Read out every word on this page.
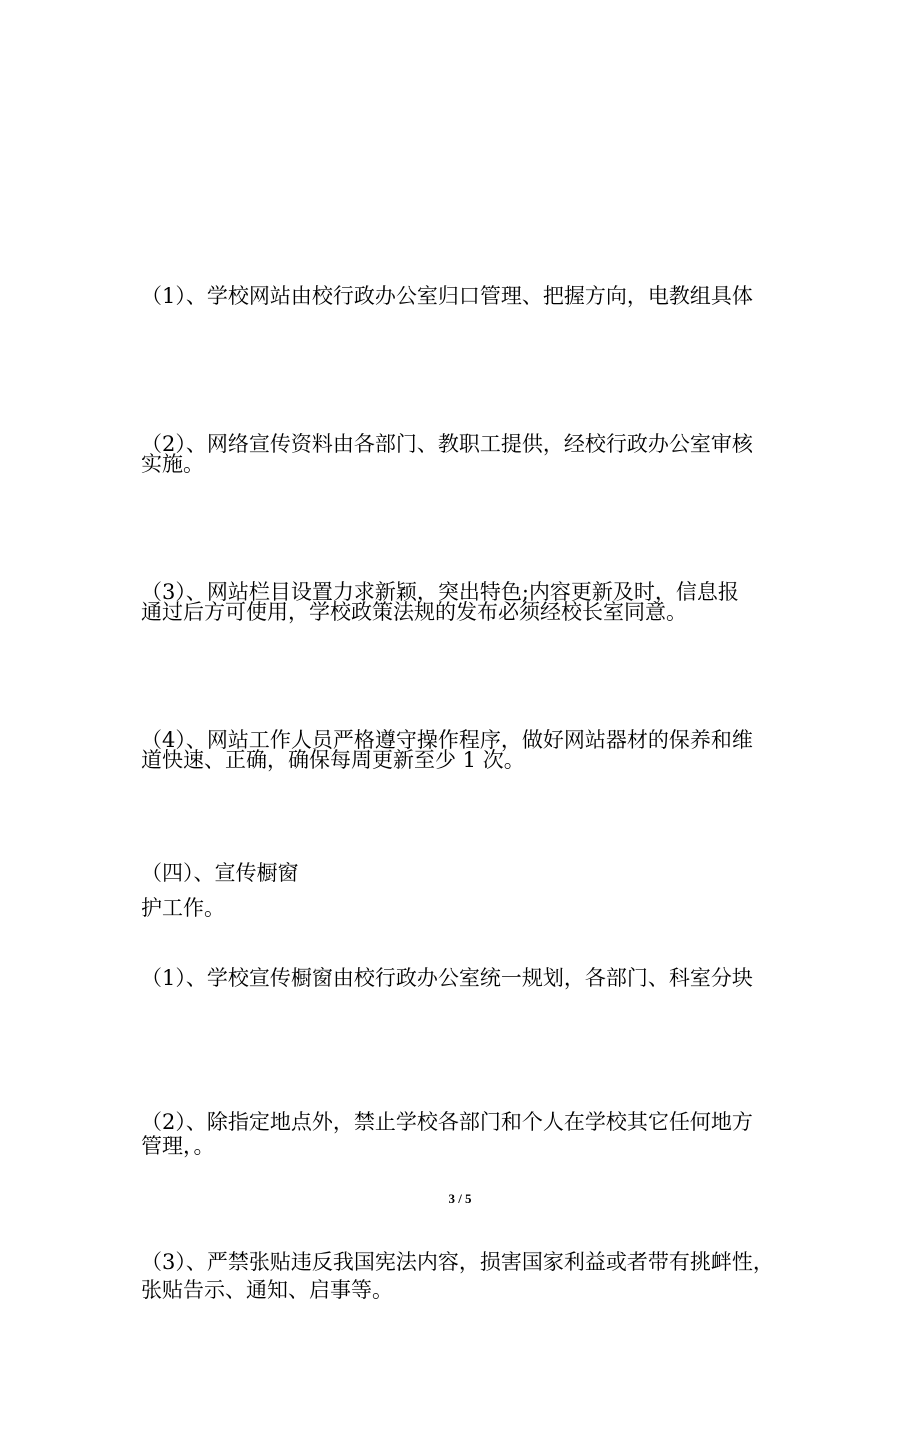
（1）、学校网站由校行政办公室归口管理、把握方向，电教组具体

实施。

（2）、网络宣传资料由各部门、教职工提供，经校行政办公室审核

通过后方可使用，学校政策法规的发布必须经校长室同意。

（3）、网站栏目设置力求新颖，突出特色;内容更新及时，信息报

道快速、正确，确保每周更新至少 1 次。

（4）、网站工作人员严格遵守操作程序，做好网站器材的保养和维

护工作。

（四）、宣传橱窗

（1）、学校宣传橱窗由校行政办公室统一规划，各部门、科室分块

管理，。

（2）、除指定地点外，禁止学校各部门和个人在学校其它任何地方

张贴告示、通知、启事等。

（3）、严禁张贴违反我国宪法内容，损害国家利益或者带有挑衅性，

3 / 5
